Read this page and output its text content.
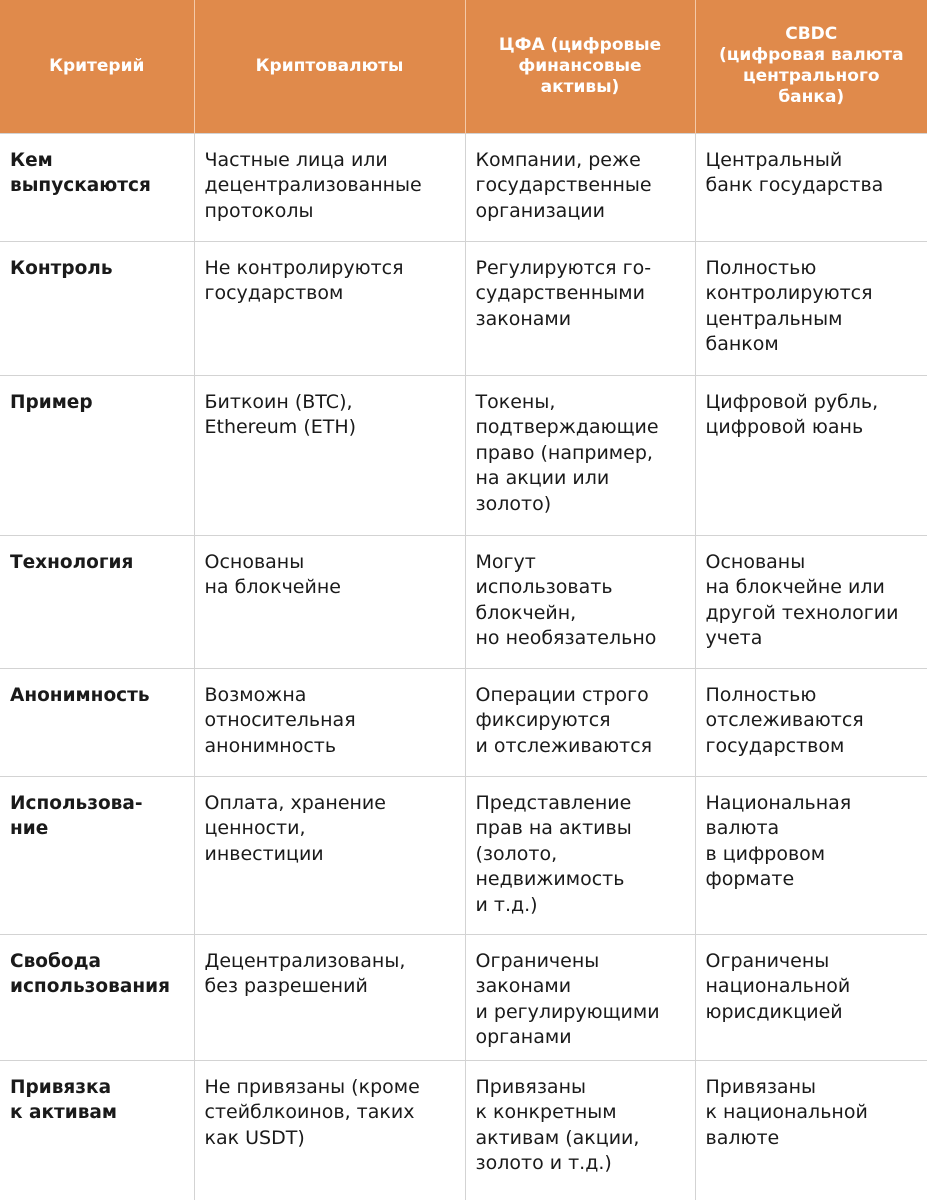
Критерий	Криптовалюты	ЦФА (цифровые
финансовые
активы)	CBDC
(цифровая валюта
центрального
банка)

Кем
выпускаются	Частные лица или
децентрализованные
протоколы	Компании, реже
государственные
организации	Центральный
банк государства

Контроль	Не контролируются
государством	Регулируются го-
сударственными
законами	Полностью
контролируются
центральным
банком

Пример	Биткоин (BTC),
Ethereum (ETH)	Токены,
подтверждающие
право (например,
на акции или
золото)	Цифровой рубль,
цифровой юань

Технология	Основаны
на блокчейне	Могут
использовать
блокчейн,
но необязательно	Основаны
на блокчейне или
другой технологии
учета

Анонимность	Возможна
относительная
анонимность	Операции строго
фиксируются
и отслеживаются	Полностью
отслеживаются
государством

Использова-
ние	Оплата, хранение
ценности,
инвестиции	Представление
прав на активы
(золото,
недвижимость
и т.д.)	Национальная
валюта
в цифровом
формате

Свобода
использования	Децентрализованы,
без разрешений	Ограничены
законами
и регулирующими
органами	Ограничены
национальной
юрисдикцией

Привязка
к активам	Не привязаны (кроме
стейблкоинов, таких
как USDT)	Привязаны
к конкретным
активам (акции,
золото и т.д.)	Привязаны
к национальной
валюте
